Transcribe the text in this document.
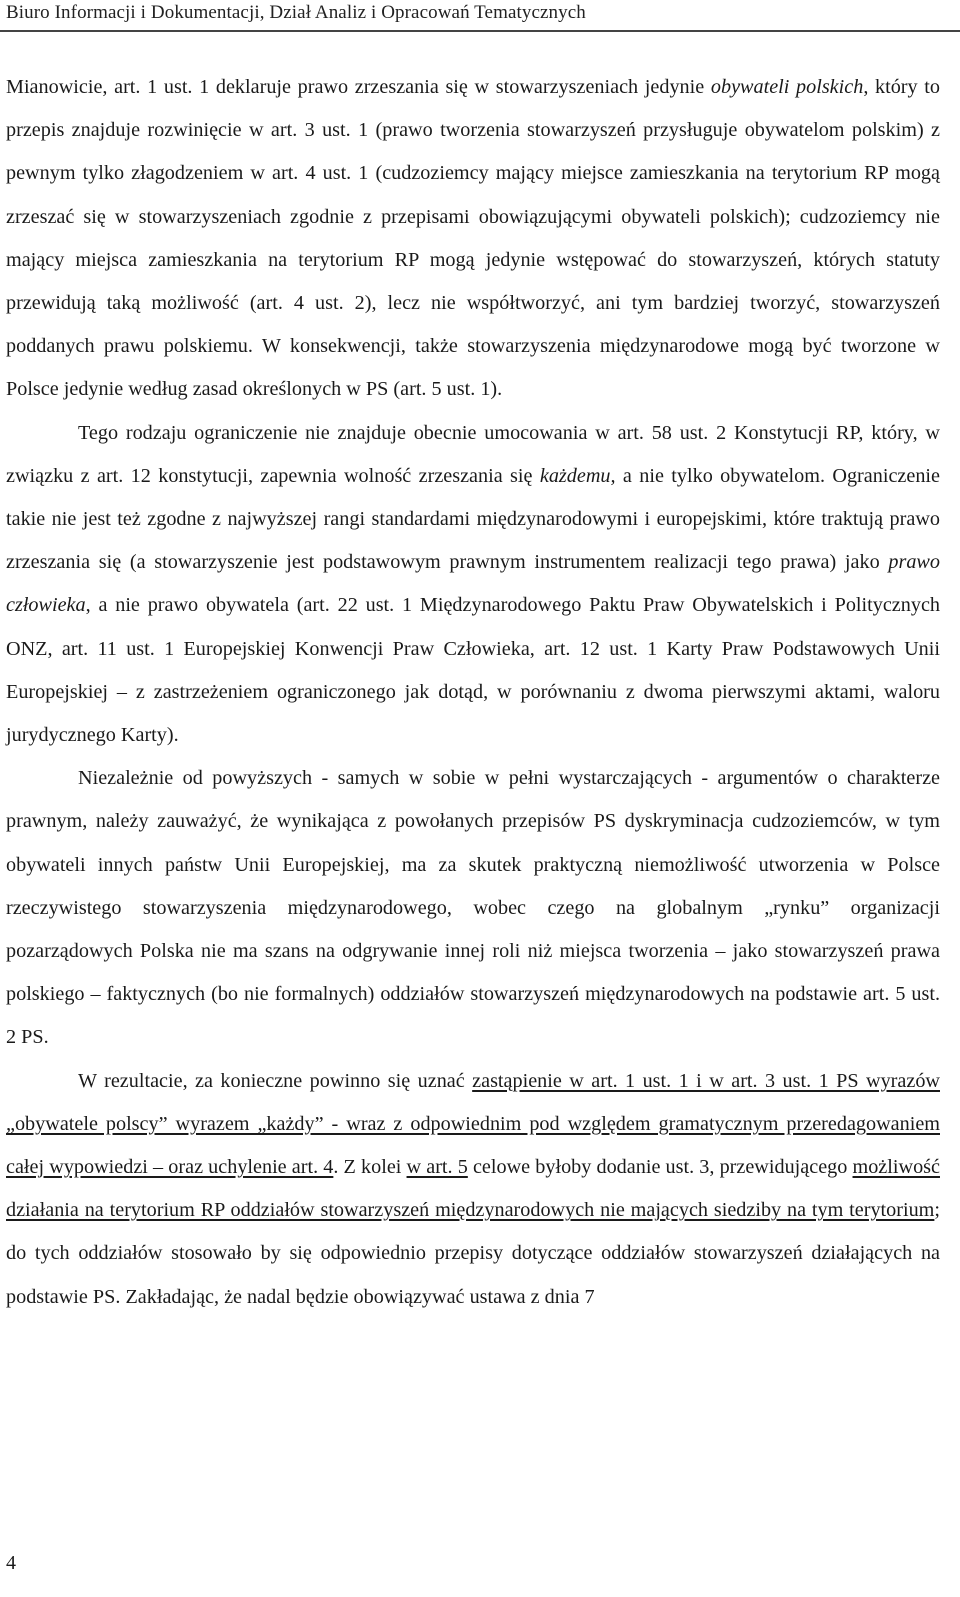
Biuro Informacji i Dokumentacji, Dział Analiz i Opracowań Tematycznych

Mianowicie, art. 1 ust. 1 deklaruje prawo zrzeszania się w stowarzyszeniach jedynie obywateli polskich, który to przepis znajduje rozwinięcie w art. 3 ust. 1 (prawo tworzenia stowarzyszeń przysługuje obywatelom polskim) z pewnym tylko złagodzeniem w art. 4 ust. 1 (cudzoziemcy mający miejsce zamieszkania na terytorium RP mogą zrzeszać się w stowarzyszeniach zgodnie z przepisami obowiązującymi obywateli polskich); cudzoziemcy nie mający miejsca zamieszkania na terytorium RP mogą jedynie wstępować do stowarzyszeń, których statuty przewidują taką możliwość (art. 4 ust. 2), lecz nie współtworzyć, ani tym bardziej tworzyć, stowarzyszeń poddanych prawu polskiemu. W konsekwencji, także stowarzyszenia międzynarodowe mogą być tworzone w Polsce jedynie według zasad określonych w PS (art. 5 ust. 1).

Tego rodzaju ograniczenie nie znajduje obecnie umocowania w art. 58 ust. 2 Konstytucji RP, który, w związku z art. 12 konstytucji, zapewnia wolność zrzeszania się każdemu, a nie tylko obywatelom. Ograniczenie takie nie jest też zgodne z najwyższej rangi standardami międzynarodowymi i europejskimi, które traktują prawo zrzeszania się (a stowarzyszenie jest podstawowym prawnym instrumentem realizacji tego prawa) jako prawo człowieka, a nie prawo obywatela (art. 22 ust. 1 Międzynarodowego Paktu Praw Obywatelskich i Politycznych ONZ, art. 11 ust. 1 Europejskiej Konwencji Praw Człowieka, art. 12 ust. 1 Karty Praw Podstawowych Unii Europejskiej – z zastrzeżeniem ograniczonego jak dotąd, w porównaniu z dwoma pierwszymi aktami, waloru jurydycznego Karty).

Niezależnie od powyższych - samych w sobie w pełni wystarczających - argumentów o charakterze prawnym, należy zauważyć, że wynikająca z powołanych przepisów PS dyskryminacja cudzoziemców, w tym obywateli innych państw Unii Europejskiej, ma za skutek praktyczną niemożliwość utworzenia w Polsce rzeczywistego stowarzyszenia międzynarodowego, wobec czego na globalnym „rynku” organizacji pozarządowych Polska nie ma szans na odgrywanie innej roli niż miejsca tworzenia – jako stowarzyszeń prawa polskiego – faktycznych (bo nie formalnych) oddziałów stowarzyszeń międzynarodowych na podstawie art. 5 ust. 2 PS.

W rezultacie, za konieczne powinno się uznać zastąpienie w art. 1 ust. 1 i w art. 3 ust. 1 PS wyrazów „obywatele polscy” wyrazem „każdy” - wraz z odpowiednim pod względem gramatycznym przeredagowaniem całej wypowiedzi – oraz uchylenie art. 4. Z kolei w art. 5 celowe byłoby dodanie ust. 3, przewidującego możliwość działania na terytorium RP oddziałów stowarzyszeń międzynarodowych nie mających siedziby na tym terytorium; do tych oddziałów stosowało by się odpowiednio przepisy dotyczące oddziałów stowarzyszeń działających na podstawie PS. Zakładając, że nadal będzie obowiązywać ustawa z dnia 7

4
